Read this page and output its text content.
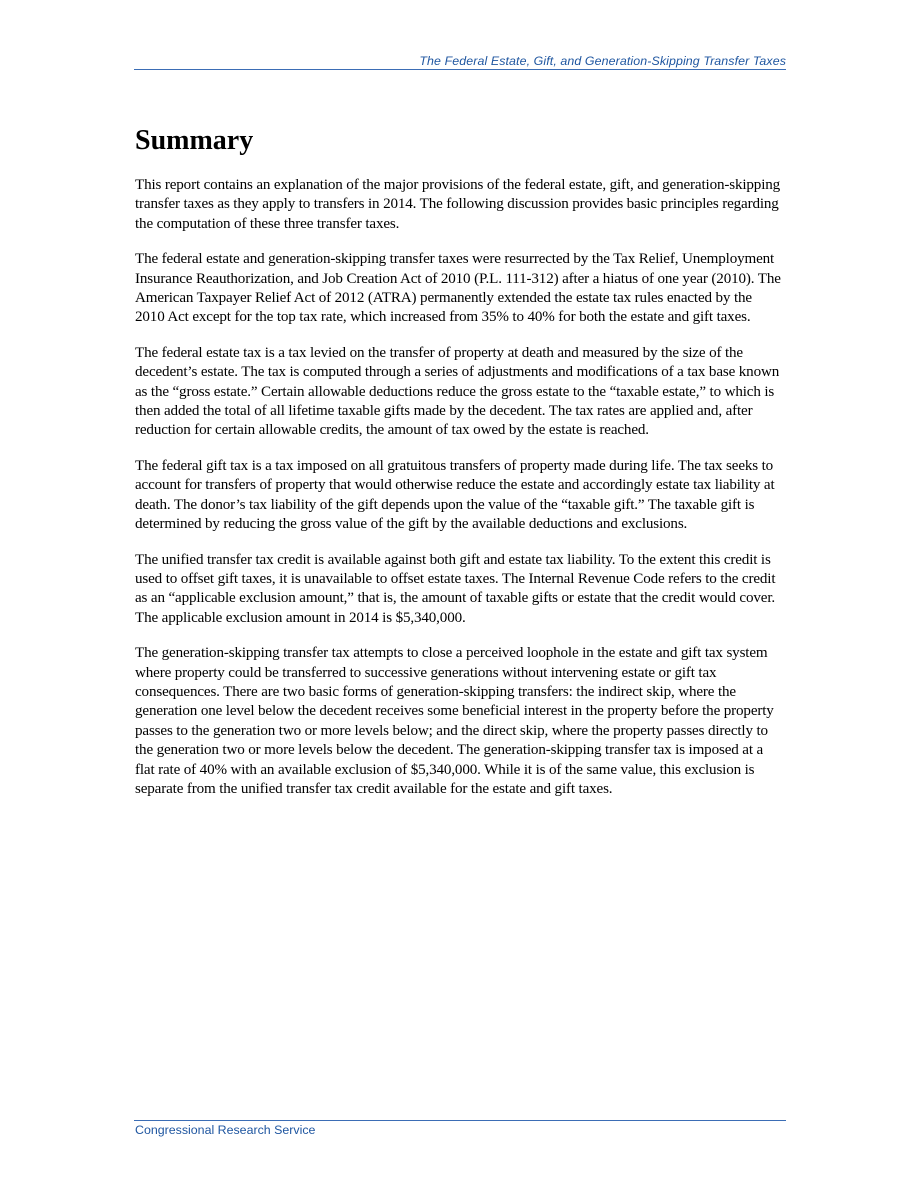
The Federal Estate, Gift, and Generation-Skipping Transfer Taxes
Summary

This report contains an explanation of the major provisions of the federal estate, gift, and generation-skipping transfer taxes as they apply to transfers in 2014. The following discussion provides basic principles regarding the computation of these three transfer taxes.

The federal estate and generation-skipping transfer taxes were resurrected by the Tax Relief, Unemployment Insurance Reauthorization, and Job Creation Act of 2010 (P.L. 111-312) after a hiatus of one year (2010). The American Taxpayer Relief Act of 2012 (ATRA) permanently extended the estate tax rules enacted by the 2010 Act except for the top tax rate, which increased from 35% to 40% for both the estate and gift taxes.

The federal estate tax is a tax levied on the transfer of property at death and measured by the size of the decedent’s estate. The tax is computed through a series of adjustments and modifications of a tax base known as the “gross estate.” Certain allowable deductions reduce the gross estate to the “taxable estate,” to which is then added the total of all lifetime taxable gifts made by the decedent. The tax rates are applied and, after reduction for certain allowable credits, the amount of tax owed by the estate is reached.

The federal gift tax is a tax imposed on all gratuitous transfers of property made during life. The tax seeks to account for transfers of property that would otherwise reduce the estate and accordingly estate tax liability at death. The donor’s tax liability of the gift depends upon the value of the “taxable gift.” The taxable gift is determined by reducing the gross value of the gift by the available deductions and exclusions.

The unified transfer tax credit is available against both gift and estate tax liability. To the extent this credit is used to offset gift taxes, it is unavailable to offset estate taxes. The Internal Revenue Code refers to the credit as an “applicable exclusion amount,” that is, the amount of taxable gifts or estate that the credit would cover. The applicable exclusion amount in 2014 is $5,340,000.

The generation-skipping transfer tax attempts to close a perceived loophole in the estate and gift tax system where property could be transferred to successive generations without intervening estate or gift tax consequences. There are two basic forms of generation-skipping transfers: the indirect skip, where the generation one level below the decedent receives some beneficial interest in the property before the property passes to the generation two or more levels below; and the direct skip, where the property passes directly to the generation two or more levels below the decedent. The generation-skipping transfer tax is imposed at a flat rate of 40% with an available exclusion of $5,340,000. While it is of the same value, this exclusion is separate from the unified transfer tax credit available for the estate and gift taxes.

Congressional Research Service
